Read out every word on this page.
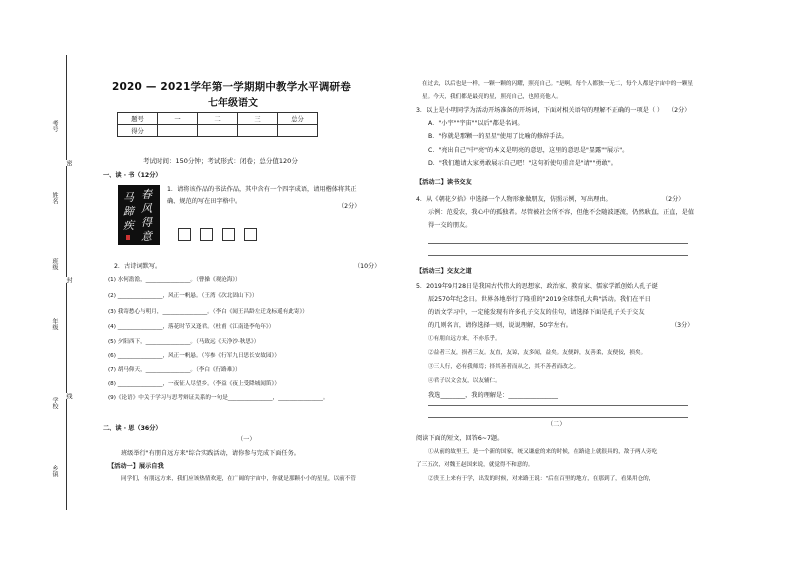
考号
姓名
班级
年级
学校
乡镇
密
封
线
2020 — 2021学年第一学期期中教学水平调研卷
七年级语文
题号	一	二	三	总分
得分				
考试时间：150分钟；考试形式：闭卷；总分值120分
一、读 · 书（12分）
春
风
得
意
马
蹄
疾
1．请将该作品的书法作品，其中含有一个四字成语，请用楷体将其正
确、规范的写在田字格中。
（2分）
2．古诗词默写。	（10分）
(1) 水何澹澹，________________。（曹操《观沧海》）
(2) ________________，风正一帆悬。（王湾《次北固山下》）
(3) 我寄愁心与明月，________________。（李白《闻王昌龄左迁龙标遥有此寄》）
(4) ________________，落花时节又逢君。（杜甫《江南逢李龟年》）
(5) 夕阳西下，________________。（马致远《天净沙·秋思》）
(6) ________________，风正一帆悬。（岑参《行军九日思长安故园》）
(7) 胡马仰天，________________。（李白《行路难》）
(8) ________________，一夜征人尽望乡。（李益《夜上受降城闻笛》）
(9)《论语》中关于学习与思考辩证关系的一句是________________，________________。
二、读 · 思（36分）
（一）
班级举行"有朋自远方来"综合实践活动，请你参与完成下面任务。
【活动一】展示自我
同学们，有朋远方来，我们应该热情欢迎，在广阔的宇宙中，你就是那颗小小的星星，以前不管
在过去，以后也是一样，一颗一颗的闪耀，照亮自己。"是啊，每个人都独一无二，每个人都是宇宙中的一颗星星。今天，我们都是最亮的星，照亮自己，也照亮他人。
3．以上是小明同学为活动开场准备的开场词，下面对相关语句的理解不正确的一项是（ ） （2分）
A．"小宇""宇宙""以后"都是名词。
B．"你就是那颗一的星星"使用了比喻的修辞手法。
C．"亮出自己"中"亮"的本义是明亮的意思，这里的意思是"显露""展示"。
D．"我们邀请大家勇敢展示自己吧！"这句祈使句重音是"请""勇敢"。
【活动二】读书交友
4．从《朝花夕拾》中选择一个人物形象做朋友，仿照示例，写出理由。	（2分）
示例：范爱农，我心中的孤独者。尽管被社会所不容，但他不会随波逐流，仍然耿直，正直，是值
得一交的朋友。
【活动三】交友之道
5．2019年9月28日是我国古代伟大的思想家、政治家、教育家、儒家学派创始人孔子诞
辰2570年纪念日。世界各地举行了隆重的"2019全球祭孔大典"活动。我们在平日
的语文学习中，一定能发现有许多孔子交友的佳句，请选择下面是孔子关于交友
的几则名言，请你选择一则，说说理解，50字左右。	（3分）
①有朋自远方来，不亦乐乎。
②益者三友，损者三友。友直，友谅，友多闻，益矣。友便辟，友善柔，友便佞，损矣。
③三人行，必有我师焉；择其善者而从之，其不善者而改之。
④君子以文会友，以友辅仁。
我选________，我的理解是：________________
（二）
阅读下面的短文，回答6~7题。
①从前的故里王，是一个新的国家，统又谦虚的来的时候，在路途上就很具的，敌于两人旁吃
了三五次，对魏王赵国来说，就觉得不和意的。
②贵王上来有于学，出发的时候，对来路王说："后在百里的地方，在那到了，看果用仓的，
